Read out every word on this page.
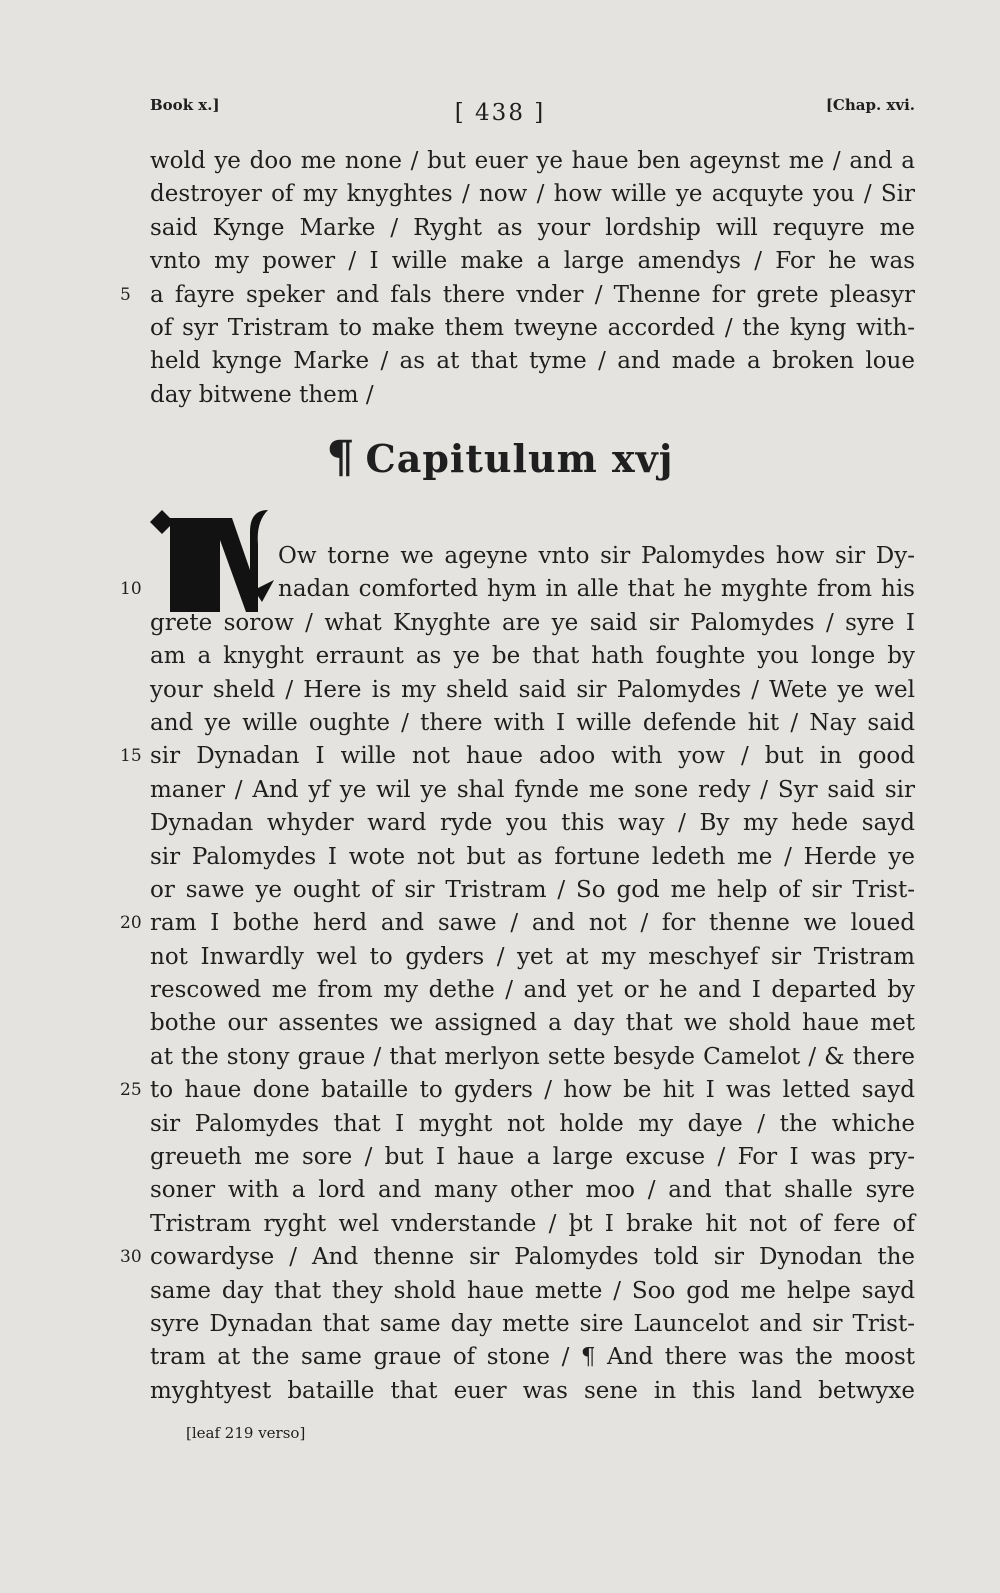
Book x.]	[ 438 ]	[Chap. xvi.
wold ye doo me none / but euer ye haue ben ageynst me / and a
destroyer of my knyghtes / now / how wille ye acquyte you / Sir
said Kynge Marke / Ryght as your lordship will requyre me
vnto my power / I wille make a large amendys / For he was
a fayre speker and fals there vnder / Thenne for grete pleasyr
of syr Tristram to make them tweyne accorded / the kyng with-
held kynge Marke / as at that tyme / and made a broken loue
day bitwene them /
¶ Capitulum xvj
Ow torne we ageyne vnto sir Palomydes how sir Dy-
nadan comforted hym in alle that he myghte from his
grete sorow / what Knyghte are ye said sir Palomydes / syre I
am a knyght erraunt as ye be that hath foughte you longe by
your sheld / Here is my sheld said sir Palomydes / Wete ye wel
and ye wille oughte / there with I wille defende hit / Nay said
sir Dynadan I wille not haue adoo with yow / but in good
maner / And yf ye wil ye shal fynde me sone redy / Syr said sir
Dynadan whyder ward ryde you this way / By my hede sayd
sir Palomydes I wote not but as fortune ledeth me / Herde ye
or sawe ye ought of sir Tristram / So god me help of sir Trist-
ram I bothe herd and sawe / and not / for thenne we loued
not Inwardly wel to gyders / yet at my meschyef sir Tristram
rescowed me from my dethe / and yet or he and I departed by
bothe our assentes we assigned a day that we shold haue met
at the stony graue / that merlyon sette besyde Camelot / & there
to haue done bataille to gyders / how be hit I was letted sayd
sir Palomydes that I myght not holde my daye / the whiche
greueth me sore / but I haue a large excuse / For I was pry-
soner with a lord and many other moo / and that shalle syre
Tristram ryght wel vnderstande / þt I brake hit not of fere of
cowardyse / And thenne sir Palomydes told sir Dynodan the
same day that they shold haue mette / Soo god me helpe sayd
syre Dynadan that same day mette sire Launcelot and sir Trist-
tram at the same graue of stone / ¶ And there was the moost
myghtyest bataille that euer was sene in this land betwyxe
[leaf 219 verso]
5
10
15
20
25
30
